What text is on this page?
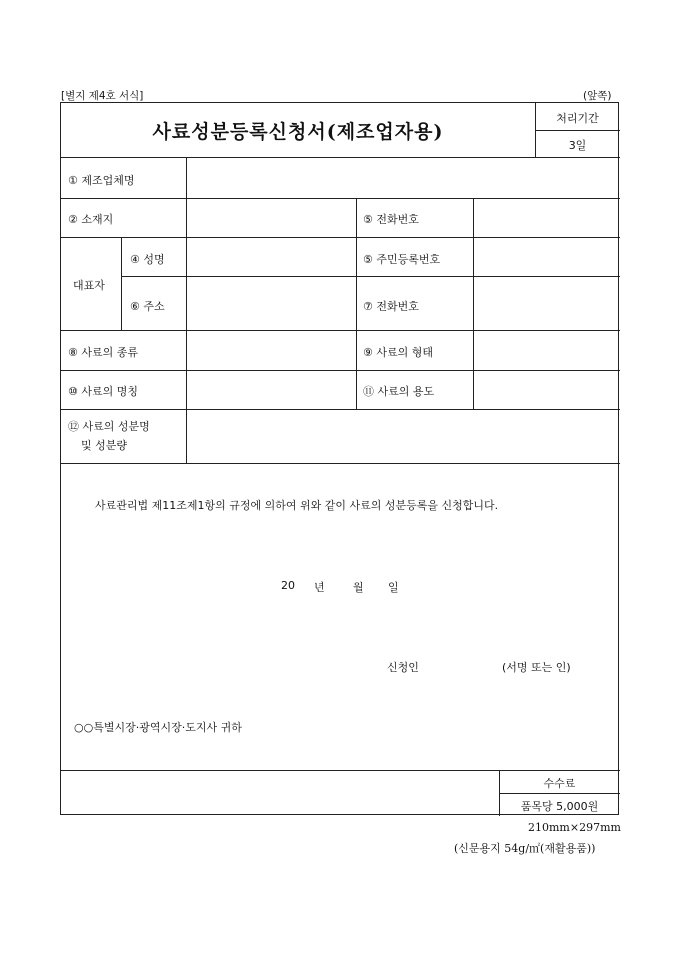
[별지 제4호 서식]	(앞쪽)
사료성분등록신청서(제조업자용)
처리기간
3일
① 제조업체명
② 소재지	⑤ 전화번호
대표자
④ 성명	⑤ 주민등록번호
⑥ 주소	⑦ 전화번호
⑧ 사료의 종류	⑨ 사료의 형태
⑩ 사료의 명칭	⑪ 사료의 용도
⑫ 사료의 성분명
및 성분량
사료관리법 제11조제1항의 규정에 의하여 위와 같이 사료의 성분등록을 신청합니다.
20 년	월 일
신청인	(서명 또는 인)
○○특별시장·광역시장·도지사 귀하
수수료
품목당 5,000원
210mm×297mm
(신문용지 54g/㎡(재활용품))
